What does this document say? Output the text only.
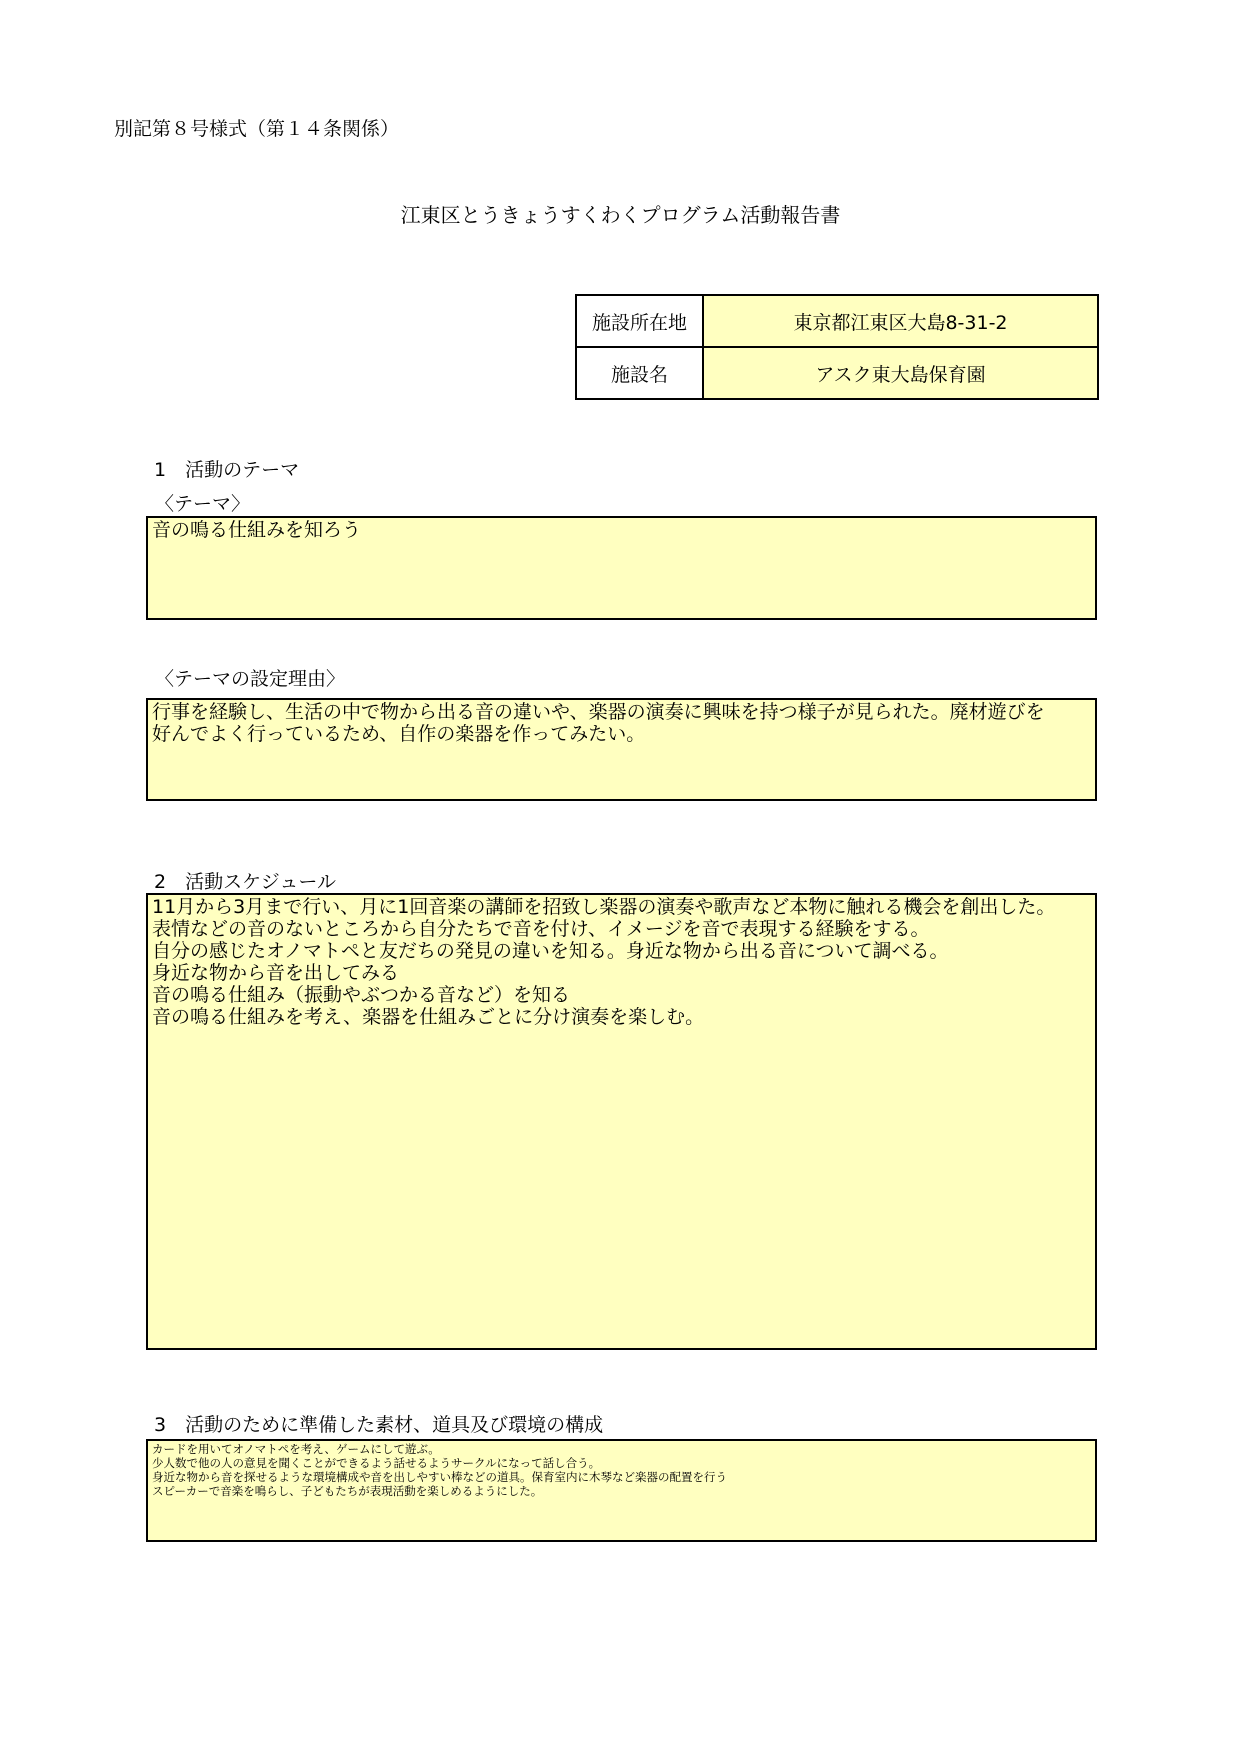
別記第８号様式（第１４条関係）
江東区とうきょうすくわくプログラム活動報告書
施設所在地	東京都江東区大島8-31-2
施設名	アスク東大島保育園
1　活動のテーマ
〈テーマ〉
音の鳴る仕組みを知ろう
〈テーマの設定理由〉
行事を経験し、生活の中で物から出る音の違いや、楽器の演奏に興味を持つ様子が見られた。廃材遊びを
好んでよく行っているため、自作の楽器を作ってみたい。
2　活動スケジュール
11月から3月まで行い、月に1回音楽の講師を招致し楽器の演奏や歌声など本物に触れる機会を創出した。
表情などの音のないところから自分たちで音を付け、イメージを音で表現する経験をする。
自分の感じたオノマトペと友だちの発見の違いを知る。身近な物から出る音について調べる。
身近な物から音を出してみる
音の鳴る仕組み（振動やぶつかる音など）を知る
音の鳴る仕組みを考え、楽器を仕組みごとに分け演奏を楽しむ。
3　活動のために準備した素材、道具及び環境の構成
カードを用いてオノマトペを考え、ゲームにして遊ぶ。
少人数で他の人の意見を聞くことができるよう話せるようサークルになって話し合う。
身近な物から音を探せるような環境構成や音を出しやすい棒などの道具。保育室内に木琴など楽器の配置を行う
スピーカーで音楽を鳴らし、子どもたちが表現活動を楽しめるようにした。
